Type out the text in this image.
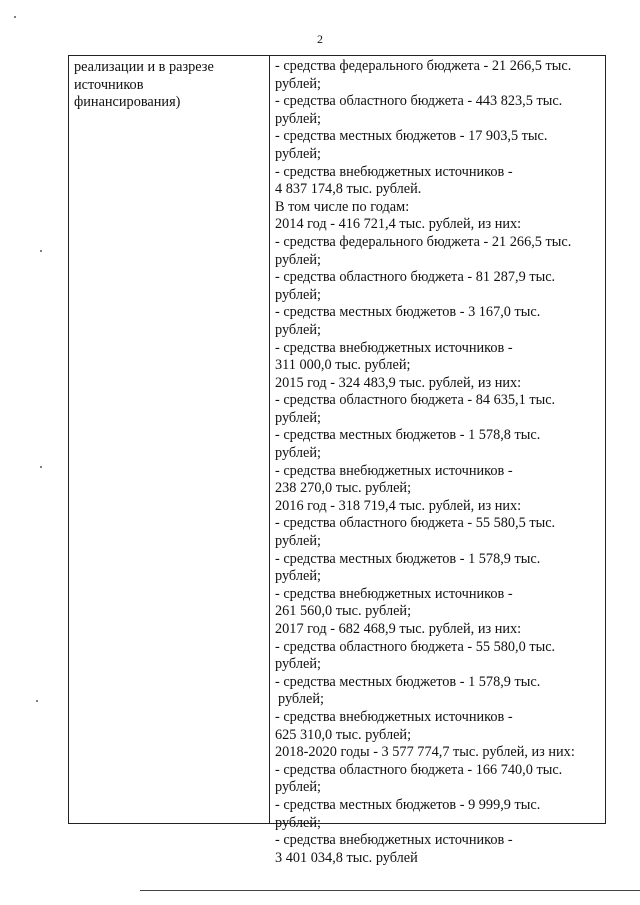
2
реализации и в разрезе
источников
финансирования)
- средства федерального бюджета - 21 266,5 тыс.
рублей;
- средства областного бюджета - 443 823,5 тыс.
рублей;
- средства местных бюджетов - 17 903,5 тыс.
рублей;
- средства внебюджетных источников -
4 837 174,8 тыс. рублей.
В том числе по годам:
2014 год - 416 721,4 тыс. рублей, из них:
- средства федерального бюджета - 21 266,5 тыс.
рублей;
- средства областного бюджета - 81 287,9 тыс.
рублей;
- средства местных бюджетов - 3 167,0 тыс.
рублей;
- средства внебюджетных источников -
311 000,0 тыс. рублей;
2015 год - 324 483,9 тыс. рублей, из них:
- средства областного бюджета - 84 635,1 тыс.
рублей;
- средства местных бюджетов - 1 578,8 тыс.
рублей;
- средства внебюджетных источников -
238 270,0 тыс. рублей;
2016 год - 318 719,4 тыс. рублей, из них:
- средства областного бюджета - 55 580,5 тыс.
рублей;
- средства местных бюджетов - 1 578,9 тыс.
рублей;
- средства внебюджетных источников -
261 560,0 тыс. рублей;
2017 год - 682 468,9 тыс. рублей, из них:
- средства областного бюджета - 55 580,0 тыс.
рублей;
- средства местных бюджетов - 1 578,9 тыс.
рублей;
- средства внебюджетных источников -
625 310,0 тыс. рублей;
2018-2020 годы - 3 577 774,7 тыс. рублей, из них:
- средства областного бюджета - 166 740,0 тыс.
рублей;
- средства местных бюджетов - 9 999,9 тыс.
рублей;
- средства внебюджетных источников -
3 401 034,8 тыс. рублей
